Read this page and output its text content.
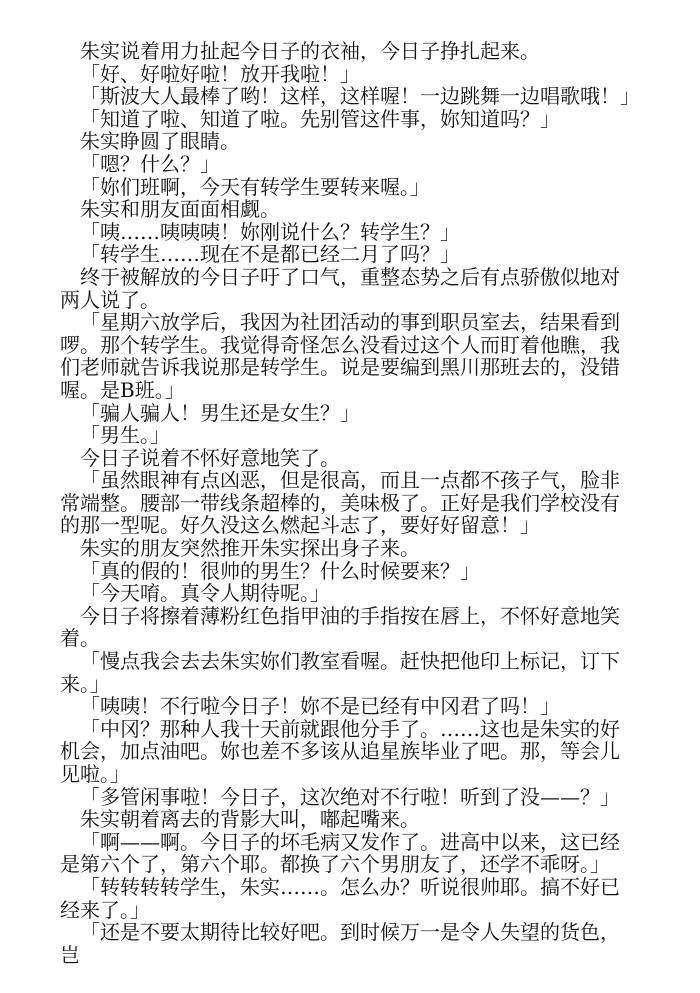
朱实说着用力扯起今日子的衣袖，今日子挣扎起来。

「好、好啦好啦！放开我啦！」

「斯波大人最棒了哟！这样，这样喔！一边跳舞一边唱歌哦！」

「知道了啦、知道了啦。先别管这件事，妳知道吗？」

朱实睁圆了眼睛。

「嗯？什么？」

「妳们班啊，今天有转学生要转来喔。」

朱实和朋友面面相觑。

「咦……咦咦咦！妳刚说什么？转学生？」

「转学生……现在不是都已经二月了吗？」

终于被解放的今日子吁了口气，重整态势之后有点骄傲似地对两人说了。

「星期六放学后，我因为社团活动的事到职员室去，结果看到啰。那个转学生。我觉得奇怪怎么没看过这个人而盯着他瞧，我们老师就告诉我说那是转学生。说是要编到黑川那班去的，没错喔。是B班。」

「骗人骗人！男生还是女生？」

「男生。」

今日子说着不怀好意地笑了。

「虽然眼神有点凶恶，但是很高，而且一点都不孩子气，脸非常端整。腰部一带线条超棒的，美味极了。正好是我们学校没有的那一型呢。好久没这么燃起斗志了，要好好留意！」

朱实的朋友突然推开朱实探出身子来。

「真的假的！很帅的男生？什么时候要来？」

「今天唷。真令人期待呢。」

今日子将擦着薄粉红色指甲油的手指按在唇上，不怀好意地笑着。

「慢点我会去去朱实妳们教室看喔。赶快把他印上标记，订下来。」

「咦咦！不行啦今日子！妳不是已经有中冈君了吗！」

「中冈？那种人我十天前就跟他分手了。……这也是朱实的好机会，加点油吧。妳也差不多该从追星族毕业了吧。那，等会儿见啦。」

「多管闲事啦！今日子，这次绝对不行啦！听到了没——？」

朱实朝着离去的背影大叫，嘟起嘴来。

「啊——啊。今日子的坏毛病又发作了。进高中以来，这已经是第六个了，第六个耶。都换了六个男朋友了，还学不乖呀。」

「转转转转学生，朱实……。怎么办？听说很帅耶。搞不好已经来了。」

「还是不要太期待比较好吧。到时候万一是令人失望的货色，岂
